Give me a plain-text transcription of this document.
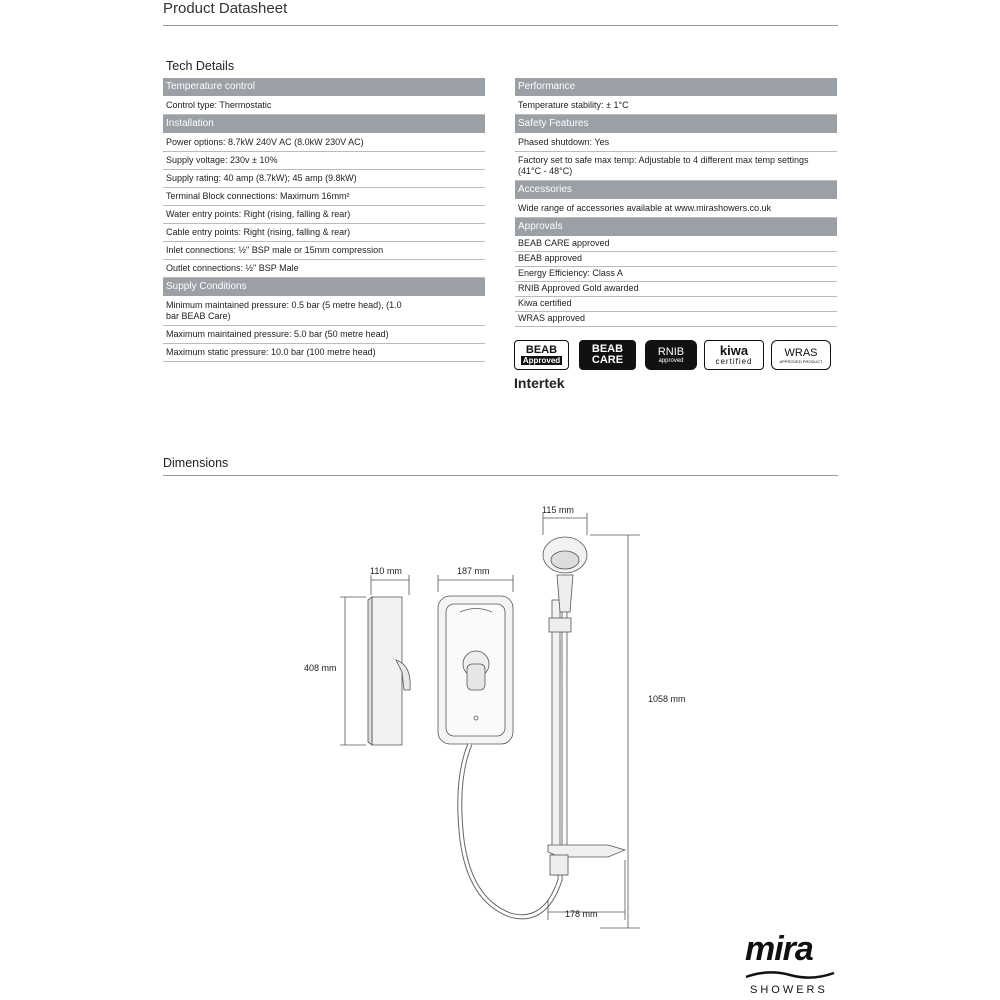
Product Datasheet
Tech Details
Temperature control
Control type: Thermostatic
Installation
Power options: 8.7kW 240V AC (8.0kW 230V AC)
Supply voltage: 230v ± 10%
Supply rating: 40 amp (8.7kW); 45 amp (9.8kW)
Terminal Block connections: Maximum 16mm²
Water entry points: Right (rising, falling & rear)
Cable entry points: Right (rising, falling & rear)
Inlet connections: ½" BSP male or 15mm compression
Outlet connections: ½" BSP Male
Supply Conditions
Minimum maintained pressure: 0.5 bar (5 metre head), (1.0 bar BEAB Care)
Maximum maintained pressure: 5.0 bar (50 metre head)
Maximum static pressure: 10.0 bar (100 metre head)
Performance
Temperature stability: ± 1°C
Safety Features
Phased shutdown: Yes
Factory set to safe max temp: Adjustable to 4 different max temp settings (41°C - 48°C)
Accessories
Wide range of accessories available at www.mirashowers.co.uk
Approvals
BEAB CARE approved
BEAB approved
Energy Efficiency: Class A
RNIB Approved Gold awarded
Kiwa certified
WRAS approved
BEAB
Approved
BEAB
CARE
RNIB
approved
kiwa
certified
WRAS
APPROVED PRODUCT
Intertek
Dimensions
110 mm	187 mm
408 mm
115 mm
1058 mm
178 mm
mira
SHOWERS
